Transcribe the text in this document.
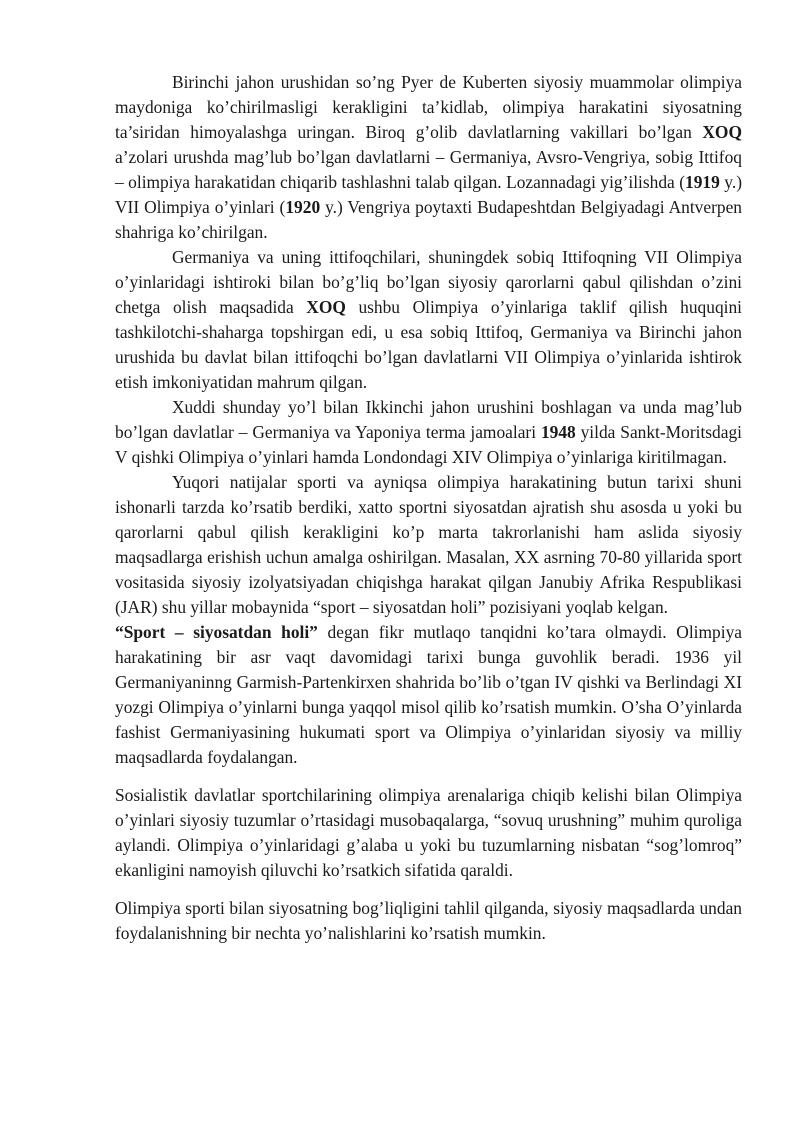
Birinchi jahon urushidan so’ng Pyer de Kuberten siyosiy muammolar olimpiya maydoniga ko’chirilmasligi kerakligini ta’kidlab, olimpiya harakatini siyosatning ta’siridan himoyalashga uringan. Biroq g’olib davlatlarning vakillari bo’lgan XOQ a’zolari urushda mag’lub bo’lgan davlatlarni – Germaniya, Avsro-Vengriya, sobig Ittifoq – olimpiya harakatidan chiqarib tashlashni talab qilgan. Lozannadagi yig’ilishda (1919 y.) VII Olimpiya o’yinlari (1920 y.) Vengriya poytaxti Budapeshtdan Belgiyadagi Antverpen shahriga ko’chirilgan.

Germaniya va uning ittifoqchilari, shuningdek sobiq Ittifoqning VII Olimpiya o’yinlaridagi ishtiroki bilan bo’g’liq bo’lgan siyosiy qarorlarni qabul qilishdan o’zini chetga olish maqsadida XOQ ushbu Olimpiya o’yinlariga taklif qilish huquqini tashkilotchi-shaharga topshirgan edi, u esa sobiq Ittifoq, Germaniya va Birinchi jahon urushida bu davlat bilan ittifoqchi bo’lgan davlatlarni VII Olimpiya o’yinlarida ishtirok etish imkoniyatidan mahrum qilgan.

Xuddi shunday yo’l bilan Ikkinchi jahon urushini boshlagan va unda mag’lub bo’lgan davlatlar – Germaniya va Yaponiya terma jamoalari 1948 yilda Sankt-Moritsdagi V qishki Olimpiya o’yinlari hamda Londondagi XIV Olimpiya o’yinlariga kiritilmagan.

Yuqori natijalar sporti va ayniqsa olimpiya harakatining butun tarixi shuni ishonarli tarzda ko’rsatib berdiki, xatto sportni siyosatdan ajratish shu asosda u yoki bu qarorlarni qabul qilish kerakligini ko’p marta takrorlanishi ham aslida siyosiy maqsadlarga erishish uchun amalga oshirilgan. Masalan, XX asrning 70-80 yillarida sport vositasida siyosiy izolyatsiyadan chiqishga harakat qilgan Janubiy Afrika Respublikasi (JAR) shu yillar mobaynida “sport – siyosatdan holi” pozisiyani yoqlab kelgan.

“Sport – siyosatdan holi” degan fikr mutlaqo tanqidni ko’tara olmaydi. Olimpiya harakatining bir asr vaqt davomidagi tarixi bunga guvohlik beradi. 1936 yil Germaniyaninng Garmish-Partenkirxen shahrida bo’lib o’tgan IV qishki va Berlindagi XI yozgi Olimpiya o’yinlarni bunga yaqqol misol qilib ko’rsatish mumkin. O’sha O’yinlarda fashist Germaniyasining hukumati sport va Olimpiya o’yinlaridan siyosiy va milliy maqsadlarda foydalangan.

Sosialistik davlatlar sportchilarining olimpiya arenalariga chiqib kelishi bilan Olimpiya o’yinlari siyosiy tuzumlar o’rtasidagi musobaqalarga, “sovuq urushning” muhim quroliga aylandi. Olimpiya o’yinlaridagi g’alaba u yoki bu tuzumlarning nisbatan “sog’lomroq” ekanligini namoyish qiluvchi ko’rsatkich sifatida qaraldi.

Olimpiya sporti bilan siyosatning bog’liqligini tahlil qilganda, siyosiy maqsadlarda undan foydalanishning bir nechta yo’nalishlarini ko’rsatish mumkin.
